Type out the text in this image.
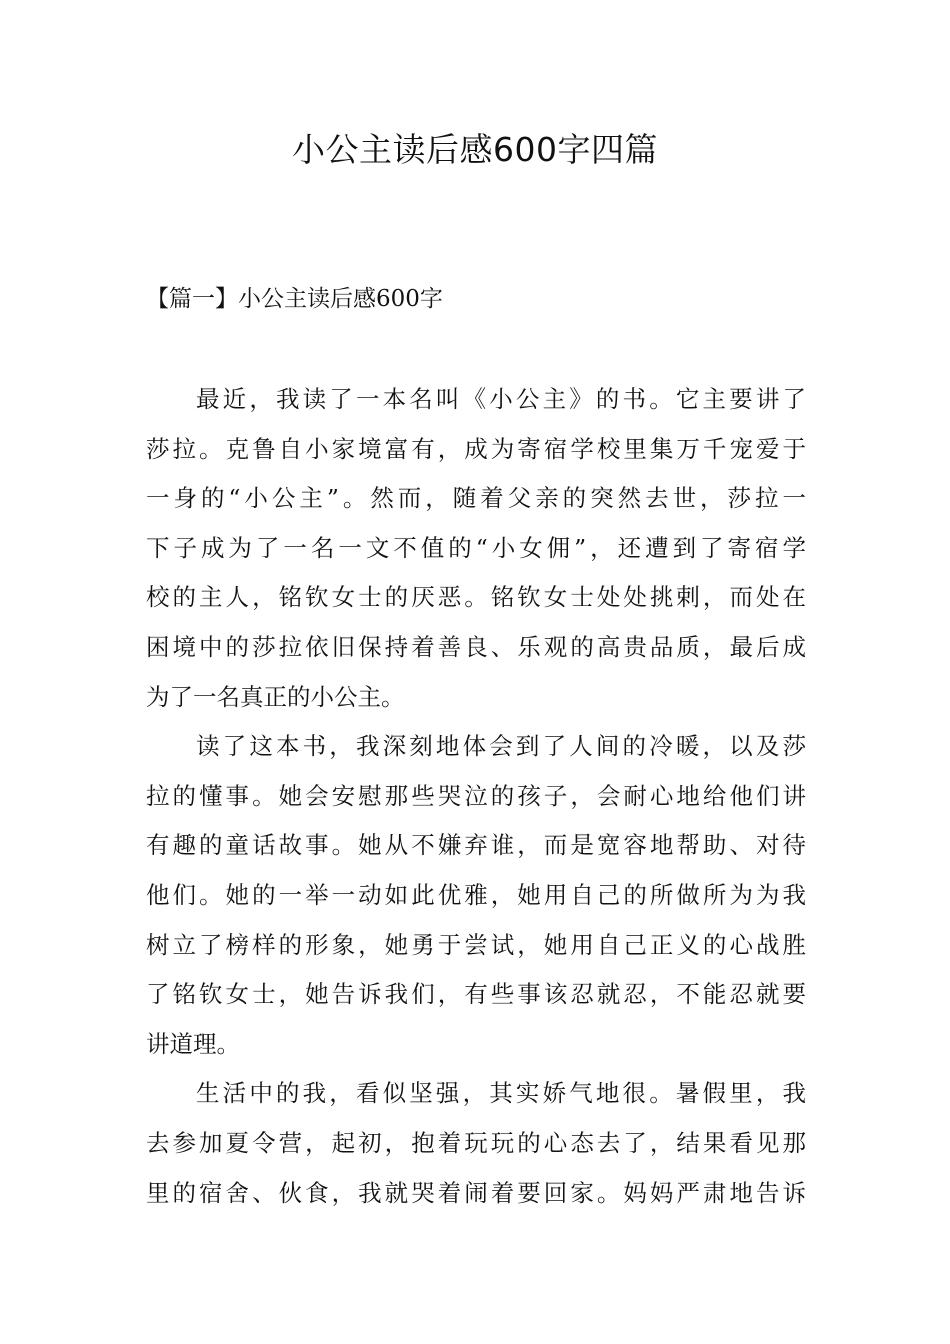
小公主读后感600字四篇
【篇一】小公主读后感600字

最近，我读了一本名叫《小公主》的书。它主要讲了
莎拉。克鲁自小家境富有，成为寄宿学校里集万千宠爱于
一身的“小公主”。然而，随着父亲的突然去世，莎拉一
下子成为了一名一文不值的“小女佣”，还遭到了寄宿学
校的主人，铭钦女士的厌恶。铭钦女士处处挑剌，而处在
困境中的莎拉依旧保持着善良、乐观的高贵品质，最后成
为了一名真正的小公主。

读了这本书，我深刻地体会到了人间的冷暖，以及莎
拉的懂事。她会安慰那些哭泣的孩子，会耐心地给他们讲
有趣的童话故事。她从不嫌弃谁，而是宽容地帮助、对待
他们。她的一举一动如此优雅，她用自己的所做所为为我
树立了榜样的形象，她勇于尝试，她用自己正义的心战胜
了铭钦女士，她告诉我们，有些事该忍就忍，不能忍就要
讲道理。

生活中的我，看似坚强，其实娇气地很。暑假里，我
去参加夏令营，起初，抱着玩玩的心态去了，结果看见那
里的宿舍、伙食，我就哭着闹着要回家。妈妈严肃地告诉
